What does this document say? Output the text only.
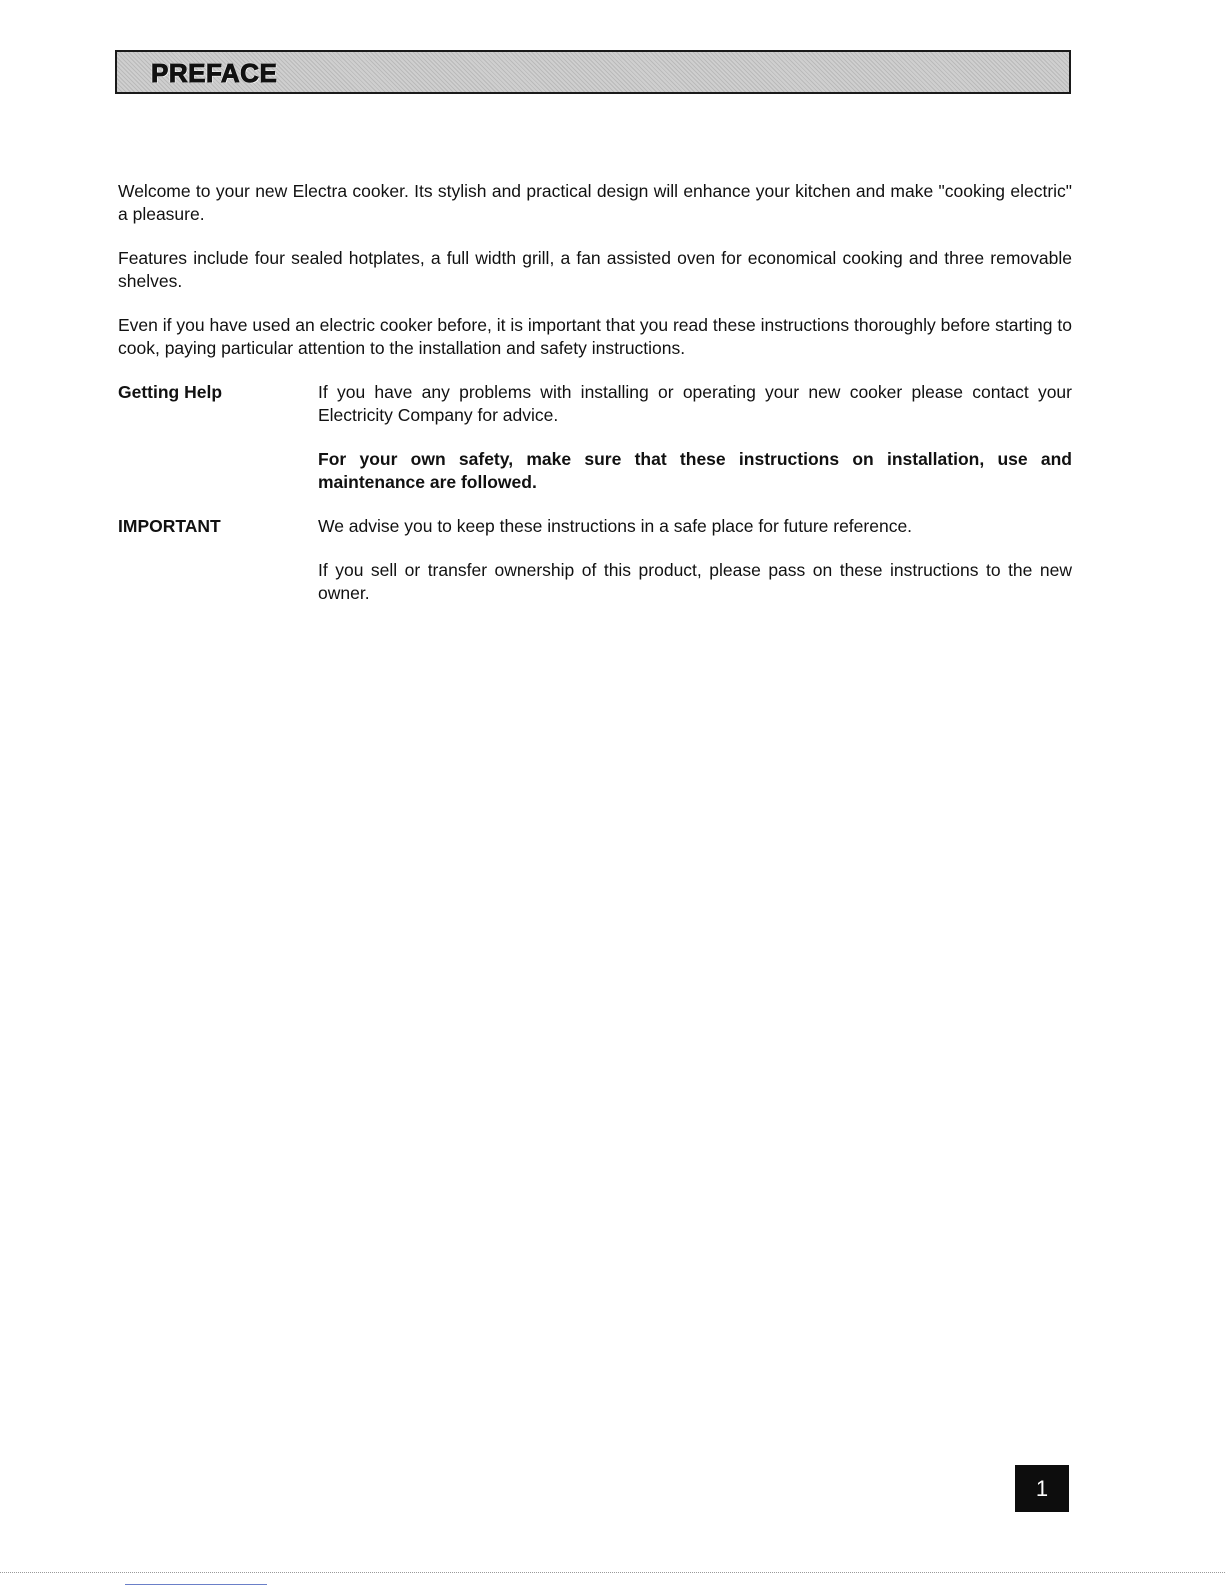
PREFACE

Welcome to your new Electra cooker. Its stylish and practical design will enhance your kitchen and make "cooking electric" a pleasure.

Features include four sealed hotplates, a full width grill, a fan assisted oven for economical cooking and three removable shelves.

Even if you have used an electric cooker before, it is important that you read these instructions thoroughly before starting to cook, paying particular attention to the installation and safety instructions.

Getting Help	If you have any problems with installing or operating your new cooker please contact your Electricity Company for advice.

For your own safety, make sure that these instructions on installation, use and maintenance are followed.

IMPORTANT	We advise you to keep these instructions in a safe place for future reference.

If you sell or transfer ownership of this product, please pass on these instructions to the new owner.

1
